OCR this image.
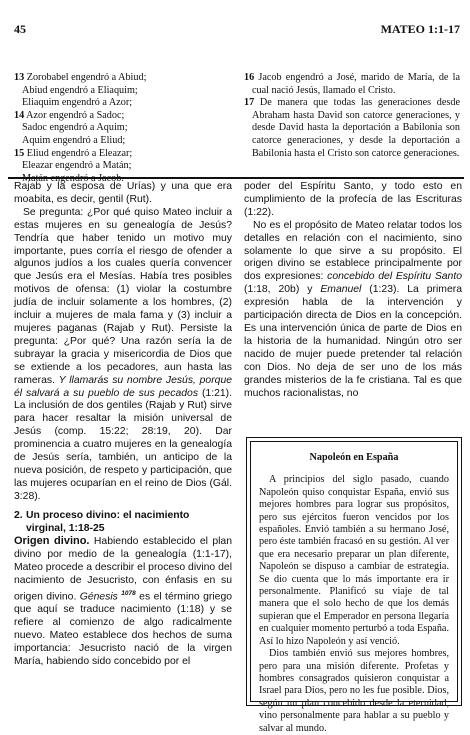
45	MATEO 1:1-17
13 Zorobabel engendró a Abiud;
Abiud engendró a Eliaquim;
Eliaquim engendró a Azor;
14 Azor engendró a Sadoc;
Sadoc engendró a Aquim;
Aquim engendró a Eliud;
15 Eliud engendró a Eleazar;
Eleazar engendró a Matán;
16 Jacob engendró a José, marido de María, de la cual nació Jesús, llamado el Cristo.
17 De manera que todas las generaciones desde Abraham hasta David son catorce generaciones, y desde David hasta la deportación a Babilonia son catorce generaciones, y desde la deportación a Babilonia hasta el Cristo son catorce generaciones.

Rajab y la esposa de Urías) y una que era moabita, es decir, gentil (Rut).

Se pregunta: ¿Por qué quiso Mateo incluir a estas mujeres en su genealogía de Jesús? Tendría que haber tenido un motivo muy importante, pues corría el riesgo de ofender a algunos judíos a los cuales quería convencer que Jesús era el Mesías. Había tres posibles motivos de ofensa: (1) violar la costumbre judía de incluir solamente a los hombres, (2) incluir a mujeres de mala fama y (3) incluir a mujeres paganas (Rajab y Rut). Persiste la pregunta: ¿Por qué? Una razón sería la de subrayar la gracia y misericordia de Dios que se extiende a los pecadores, aun hasta las rameras. Y llamarás su nombre Jesús, porque él salvará a su pueblo de sus pecados (1:21). La inclusión de dos gentiles (Rajab y Rut) sirve para hacer resaltar la misión universal de Jesús (comp. 15:22; 28:19, 20). Dar prominencia a cuatro mujeres en la genealogía de Jesús sería, también, un anticipo de la nueva posición, de respeto y participación, que las mujeres ocuparían en el reino de Dios (Gál. 3:28).

2. Un proceso divino: el nacimiento
virginal, 1:18-25

Origen divino. Habiendo establecido el plan divino por medio de la genealogía (1:1-17), Mateo procede a describir el proceso divino del nacimiento de Jesucristo, con énfasis en su origen divino. Génesis $^{1078}$ es el término griego que aquí se traduce nacimiento (1:18) y se refiere al comienzo de algo radicalmente nuevo. Mateo establece dos hechos de suma importancia: Jesucristo nació de la virgen María, habiendo sido concebido por el

poder del Espíritu Santo, y todo esto en cumplimiento de la profecía de las Escrituras (1:22).

No es el propósito de Mateo relatar todos los detalles en relación con el nacimiento, sino solamente lo que sirve a su propósito. El origen divino se establece principalmente por dos expresiones: concebido del Espíritu Santo (1:18, 20b) y Emanuel (1:23). La primera expresión habla de la intervención y participación directa de Dios en la concepción. Es una intervención única de parte de Dios en la historia de la humanidad. Ningún otro ser nacido de mujer puede pretender tal relación con Dios. No deja de ser uno de los más grandes misterios de la fe cristiana. Tal es que muchos racionalistas, no

Napoleón en España

A principios del siglo pasado, cuando Napoleón quiso conquistar España, envió sus mejores hombres para lograr sus propósitos, pero sus ejércitos fueron vencidos por los españoles. Envió también a su hermano José, pero éste también fracasó en su gestión. Al ver que era necesario preparar un plan diferente, Napoleón se dispuso a cambiar de estrategia. Se dio cuenta que lo más importante era ir personalmente. Planificó su viaje de tal manera que el solo hecho de que los demás supieran que el Emperador en persona llegaría en cualquier momento perturbó a toda España. Así lo hizo Napoleón y así venció.

Dios también envió sus mejores hombres, pero para una misión diferente. Profetas y hombres consagrados quisieron conquistar a Israel para Dios, pero no les fue posible. Dios, según un plan concebido desde la eternidad, vino personalmente para hablar a su pueblo y salvar al mundo.
